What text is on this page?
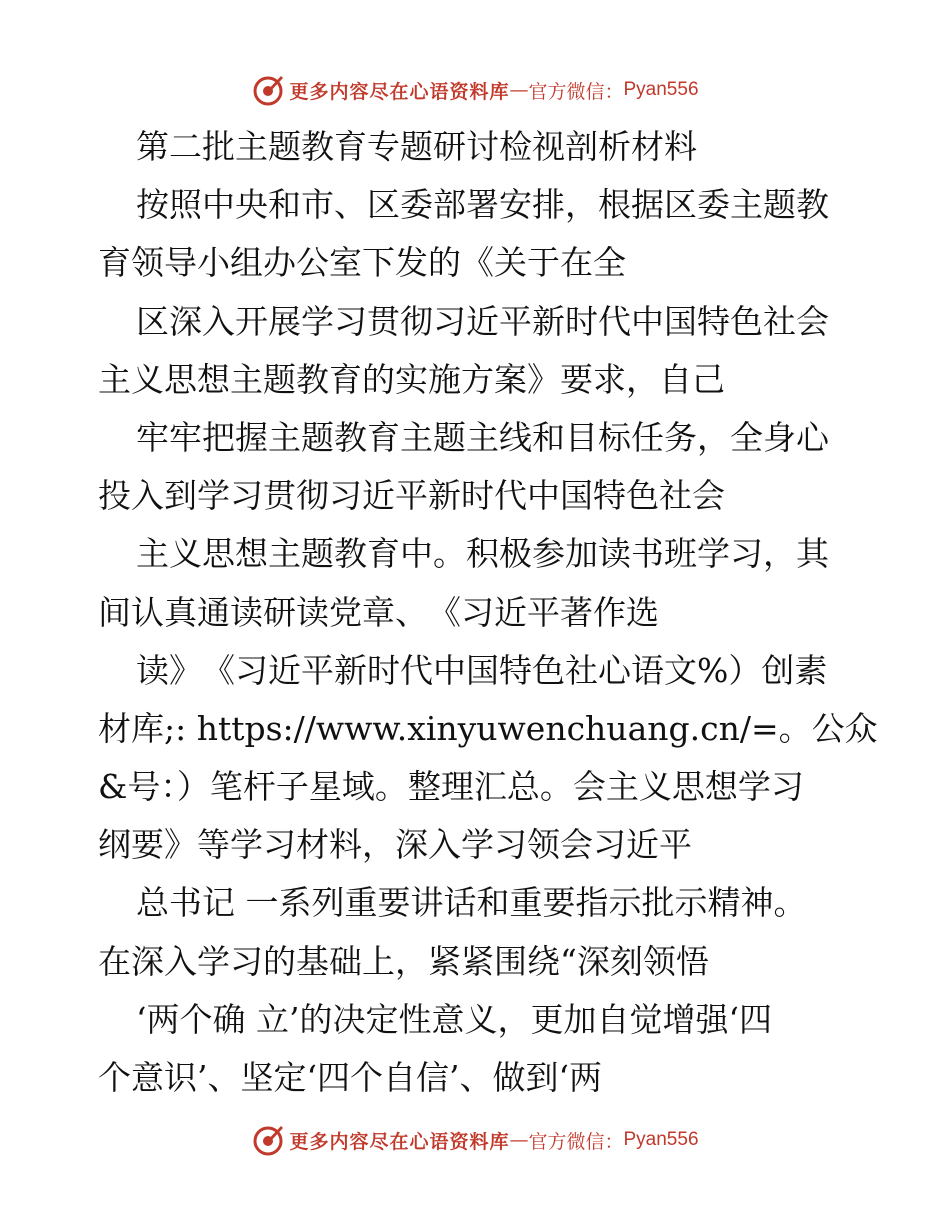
更多内容尽在心语资料库 — 官方微信： Pyan556
第二批主题教育专题研讨检视剖析材料
按照中央和市、区委部署安排，根据区委主题教
育领导小组办公室下发的《关于在全
区深入开展学习贯彻习近平新时代中国特色社会
主义思想主题教育的实施方案》要求，自己
牢牢把握主题教育主题主线和目标任务，全身心
投入到学习贯彻习近平新时代中国特色社会
主义思想主题教育中。积极参加读书班学习，其
间认真通读研读党章、　《习近平著作选
读》　《习近平新时代中国特色社心语文%）创素
材库;: https://www.xinyuwenchuang.cn/=。公众
&号：）笔杆子星域。整理汇总。会主义思想学习
纲要》等学习材料，深入学习领会习近平
总书记 一系列重要讲话和重要指示批示精神。
在深入学习的基础上，紧紧围绕“深刻领悟
‘两个确 立’的决定性意义，更加自觉增强‘四
个意识’、坚定‘四个自信’、做到‘两
更多内容尽在心语资料库 — 官方微信： Pyan556
